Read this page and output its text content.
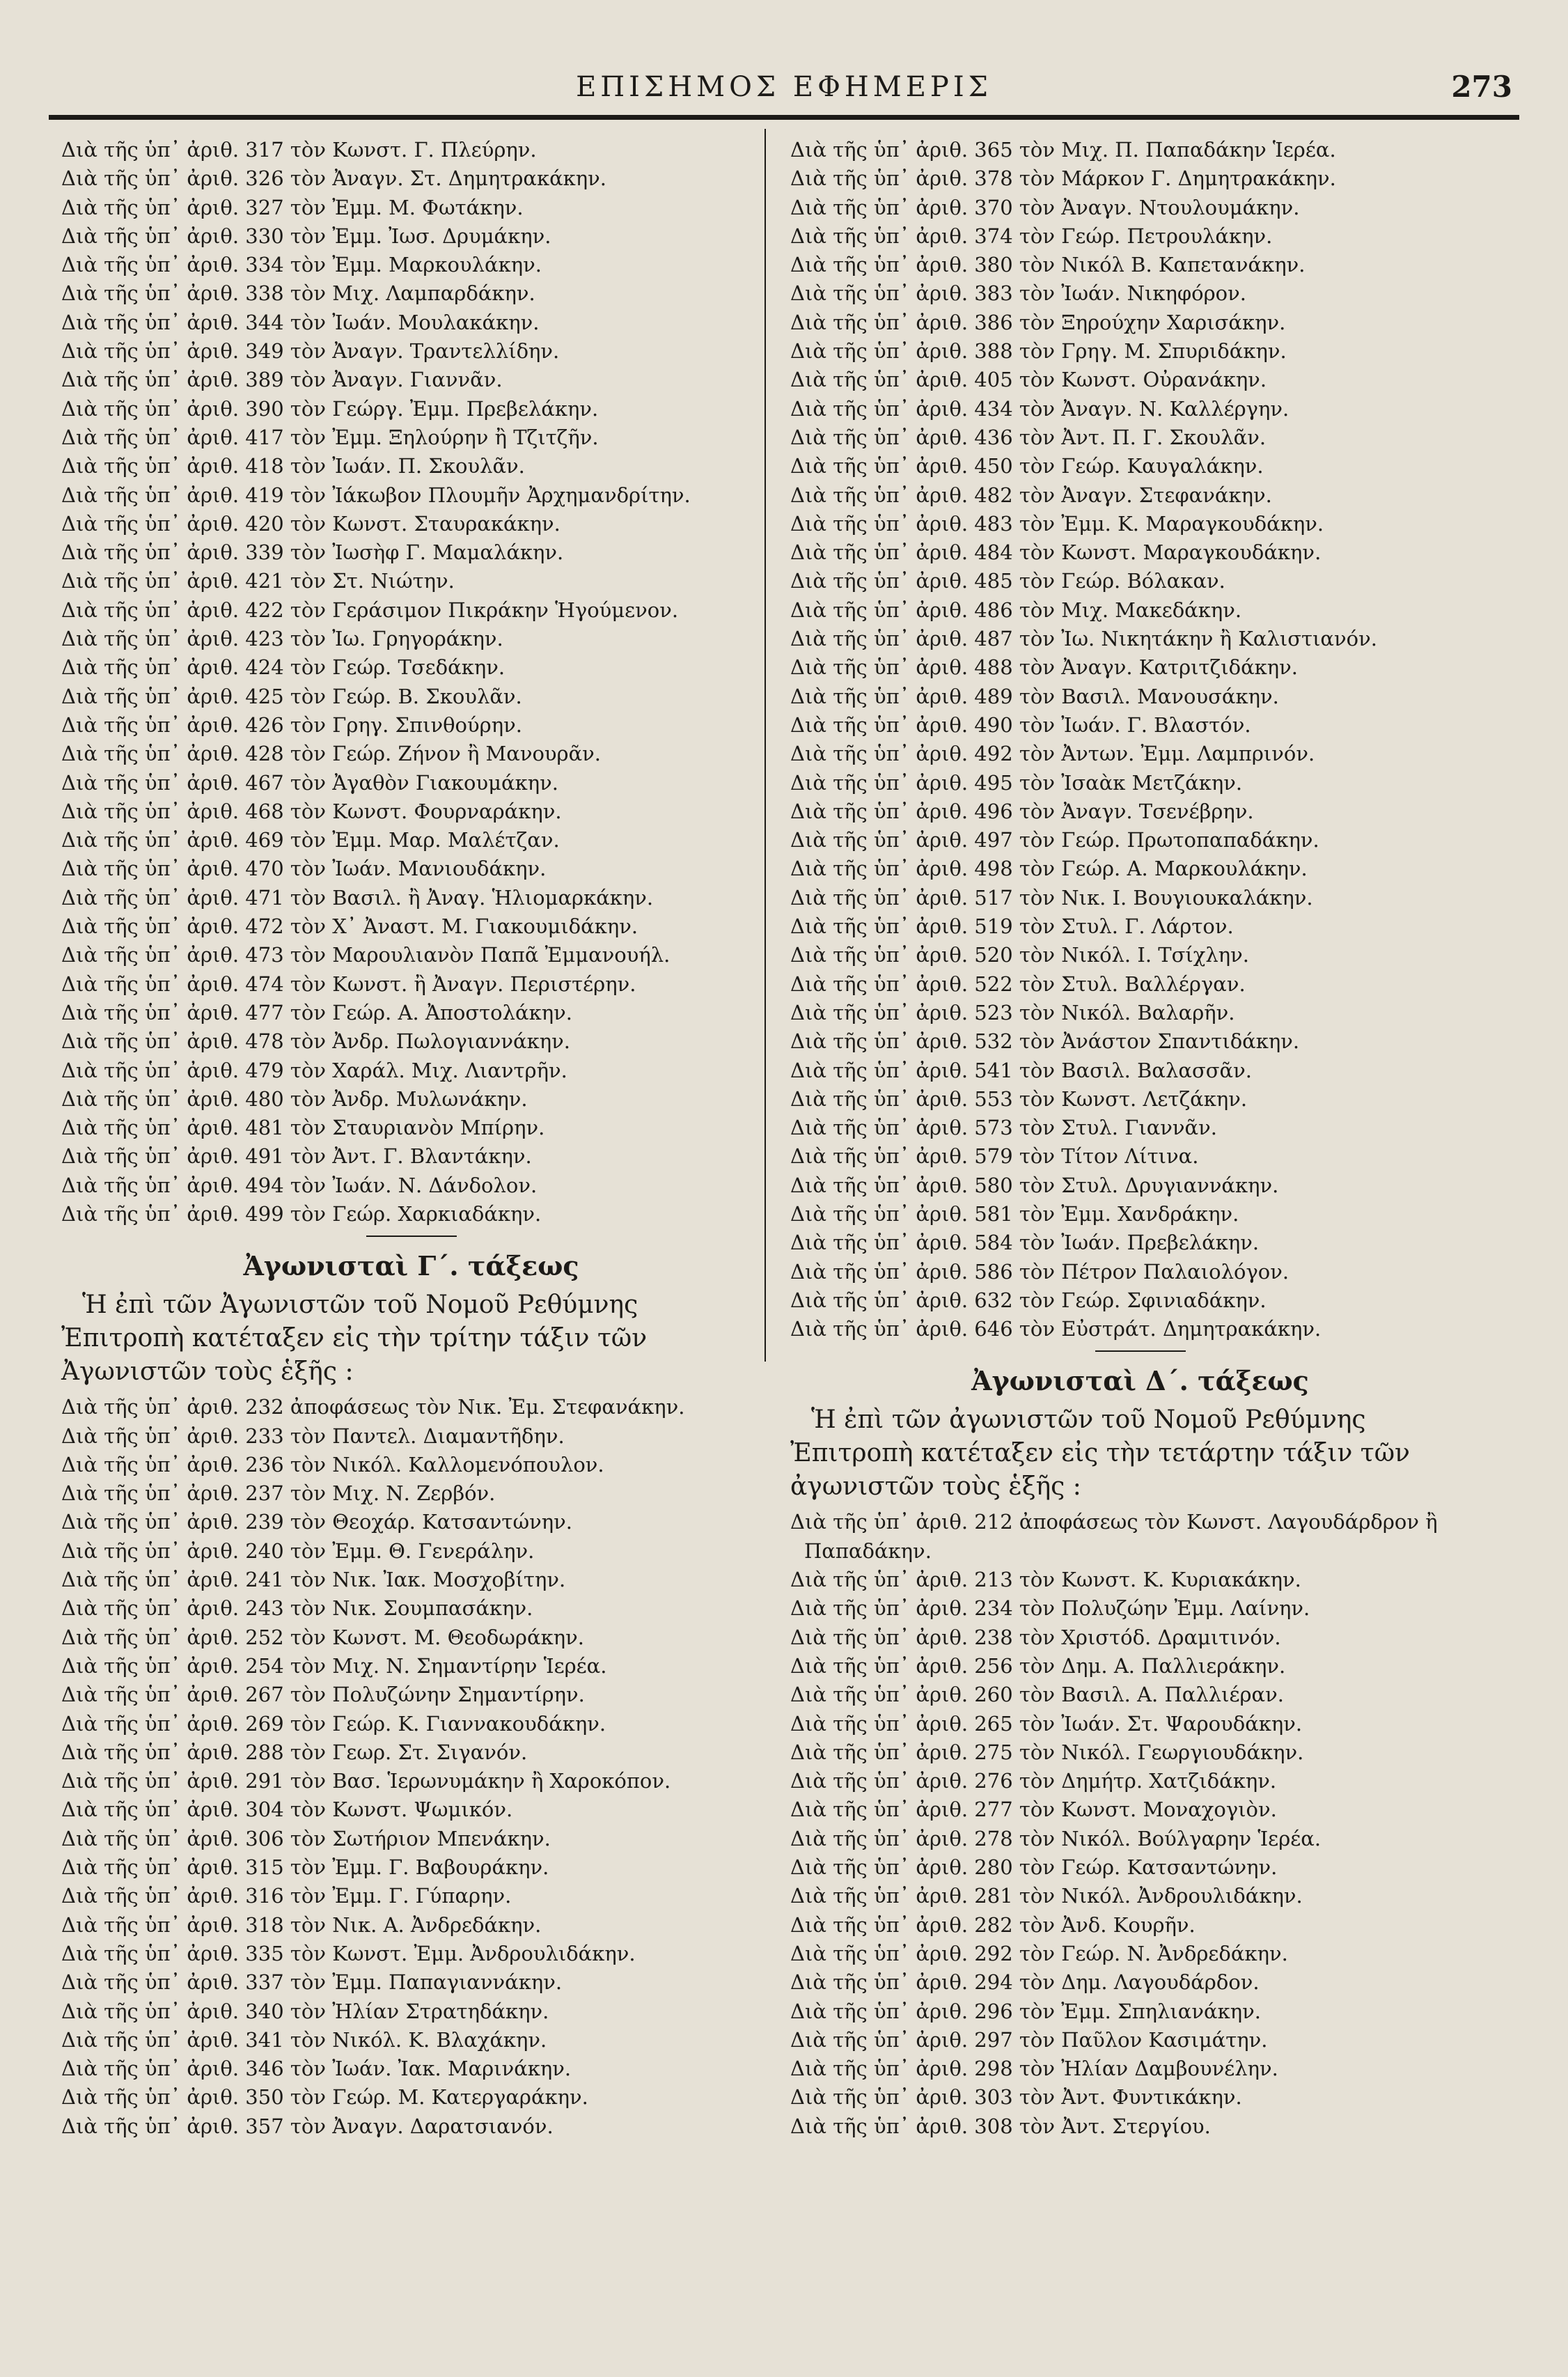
ΕΠΙΣΗΜΟΣ ΕΦΗΜΕΡΙΣ	273

Διὰ τῆς ὑπ᾽ ἀριθ. 317 τὸν Κωνστ. Γ. Πλεύρην.

Διὰ τῆς ὑπ᾽ ἀριθ. 326 τὸν Ἀναγν. Στ. Δημητρακάκην.

Διὰ τῆς ὑπ᾽ ἀριθ. 327 τὸν Ἐμμ. Μ. Φωτάκην.

Διὰ τῆς ὑπ᾽ ἀριθ. 330 τὸν Ἐμμ. Ἰωσ. Δρυμάκην.

Διὰ τῆς ὑπ᾽ ἀριθ. 334 τὸν Ἐμμ. Μαρκουλάκην.

Διὰ τῆς ὑπ᾽ ἀριθ. 338 τὸν Μιχ. Λαμπαρδάκην.

Διὰ τῆς ὑπ᾽ ἀριθ. 344 τὸν Ἰωάν. Μουλακάκην.

Διὰ τῆς ὑπ᾽ ἀριθ. 349 τὸν Ἀναγν. Τραντελλίδην.

Διὰ τῆς ὑπ᾽ ἀριθ. 389 τὸν Ἀναγν. Γιαννᾶν.

Διὰ τῆς ὑπ᾽ ἀριθ. 390 τὸν Γεώργ. Ἐμμ. Πρεβελάκην.

Διὰ τῆς ὑπ᾽ ἀριθ. 417 τὸν Ἐμμ. Ξηλούρην ἢ Τζιτζῆν.

Διὰ τῆς ὑπ᾽ ἀριθ. 418 τὸν Ἰωάν. Π. Σκουλᾶν.

Διὰ τῆς ὑπ᾽ ἀριθ. 419 τὸν Ἰάκωβον Πλουμῆν Ἀρχημανδρίτην.

Διὰ τῆς ὑπ᾽ ἀριθ. 420 τὸν Κωνστ. Σταυρακάκην.

Διὰ τῆς ὑπ᾽ ἀριθ. 339 τὸν Ἰωσὴφ Γ. Μαμαλάκην.

Διὰ τῆς ὑπ᾽ ἀριθ. 421 τὸν Στ. Νιώτην.

Διὰ τῆς ὑπ᾽ ἀριθ. 422 τὸν Γεράσιμον Πικράκην Ἡγούμενον.

Διὰ τῆς ὑπ᾽ ἀριθ. 423 τὸν Ἰω. Γρηγοράκην.

Διὰ τῆς ὑπ᾽ ἀριθ. 424 τὸν Γεώρ. Τσεδάκην.

Διὰ τῆς ὑπ᾽ ἀριθ. 425 τὸν Γεώρ. Β. Σκουλᾶν.

Διὰ τῆς ὑπ᾽ ἀριθ. 426 τὸν Γρηγ. Σπινθούρην.

Διὰ τῆς ὑπ᾽ ἀριθ. 428 τὸν Γεώρ. Ζήνον ἢ Μανουρᾶν.

Διὰ τῆς ὑπ᾽ ἀριθ. 467 τὸν Ἀγαθὸν Γιακουμάκην.

Διὰ τῆς ὑπ᾽ ἀριθ. 468 τὸν Κωνστ. Φουρναράκην.

Διὰ τῆς ὑπ᾽ ἀριθ. 469 τὸν Ἐμμ. Μαρ. Μαλέτζαν.

Διὰ τῆς ὑπ᾽ ἀριθ. 470 τὸν Ἰωάν. Μανιουδάκην.

Διὰ τῆς ὑπ᾽ ἀριθ. 471 τὸν Βασιλ. ἢ Ἀναγ. Ἡλιομαρκάκην.

Διὰ τῆς ὑπ᾽ ἀριθ. 472 τὸν Χ᾽ Ἀναστ. Μ. Γιακουμιδάκην.

Διὰ τῆς ὑπ᾽ ἀριθ. 473 τὸν Μαρουλιανὸν Παπᾶ Ἐμμανουήλ.

Διὰ τῆς ὑπ᾽ ἀριθ. 474 τὸν Κωνστ. ἢ Ἀναγν. Περιστέρην.

Διὰ τῆς ὑπ᾽ ἀριθ. 477 τὸν Γεώρ. Α. Ἀποστολάκην.

Διὰ τῆς ὑπ᾽ ἀριθ. 478 τὸν Ἀνδρ. Πωλογιαννάκην.

Διὰ τῆς ὑπ᾽ ἀριθ. 479 τὸν Χαράλ. Μιχ. Λιαντρῆν.

Διὰ τῆς ὑπ᾽ ἀριθ. 480 τὸν Ἀνδρ. Μυλωνάκην.

Διὰ τῆς ὑπ᾽ ἀριθ. 481 τὸν Σταυριανὸν Μπίρην.

Διὰ τῆς ὑπ᾽ ἀριθ. 491 τὸν Ἀντ. Γ. Βλαντάκην.

Διὰ τῆς ὑπ᾽ ἀριθ. 494 τὸν Ἰωάν. Ν. Δάνδολον.

Διὰ τῆς ὑπ᾽ ἀριθ. 499 τὸν Γεώρ. Χαρκιαδάκην.

Ἀγωνισταὶ Γ΄. τάξεως

Ἡ ἐπὶ τῶν Ἀγωνιστῶν τοῦ Νομοῦ Ρεθύμνης Ἐπιτροπὴ κατέταξεν εἰς τὴν τρίτην τάξιν τῶν Ἀγωνιστῶν τοὺς ἑξῆς :

Διὰ τῆς ὑπ᾽ ἀριθ. 232 ἀποφάσεως τὸν Νικ. Ἐμ. Στεφανάκην.

Διὰ τῆς ὑπ᾽ ἀριθ. 233 τὸν Παντελ. Διαμαντῆδην.

Διὰ τῆς ὑπ᾽ ἀριθ. 236 τὸν Νικόλ. Καλλομενόπουλον.

Διὰ τῆς ὑπ᾽ ἀριθ. 237 τὸν Μιχ. Ν. Ζερβόν.

Διὰ τῆς ὑπ᾽ ἀριθ. 239 τὸν Θεοχάρ. Κατσαντώνην.

Διὰ τῆς ὑπ᾽ ἀριθ. 240 τὸν Ἐμμ. Θ. Γενεράλην.

Διὰ τῆς ὑπ᾽ ἀριθ. 241 τὸν Νικ. Ἰακ. Μοσχοβίτην.

Διὰ τῆς ὑπ᾽ ἀριθ. 243 τὸν Νικ. Σουμπασάκην.

Διὰ τῆς ὑπ᾽ ἀριθ. 252 τὸν Κωνστ. Μ. Θεοδωράκην.

Διὰ τῆς ὑπ᾽ ἀριθ. 254 τὸν Μιχ. Ν. Σημαντίρην Ἱερέα.

Διὰ τῆς ὑπ᾽ ἀριθ. 267 τὸν Πολυζώνην Σημαντίρην.

Διὰ τῆς ὑπ᾽ ἀριθ. 269 τὸν Γεώρ. Κ. Γιαννακουδάκην.

Διὰ τῆς ὑπ᾽ ἀριθ. 288 τὸν Γεωρ. Στ. Σιγανόν.

Διὰ τῆς ὑπ᾽ ἀριθ. 291 τὸν Βασ. Ἱερωνυμάκην ἢ Χαροκόπον.

Διὰ τῆς ὑπ᾽ ἀριθ. 304 τὸν Κωνστ. Ψωμικόν.

Διὰ τῆς ὑπ᾽ ἀριθ. 306 τὸν Σωτήριον Μπενάκην.

Διὰ τῆς ὑπ᾽ ἀριθ. 315 τὸν Ἐμμ. Γ. Βαβουράκην.

Διὰ τῆς ὑπ᾽ ἀριθ. 316 τὸν Ἐμμ. Γ. Γύπαρην.

Διὰ τῆς ὑπ᾽ ἀριθ. 318 τὸν Νικ. Α. Ἀνδρεδάκην.

Διὰ τῆς ὑπ᾽ ἀριθ. 335 τὸν Κωνστ. Ἐμμ. Ἀνδρουλιδάκην.

Διὰ τῆς ὑπ᾽ ἀριθ. 337 τὸν Ἐμμ. Παπαγιαννάκην.

Διὰ τῆς ὑπ᾽ ἀριθ. 340 τὸν Ἠλίαν Στρατηδάκην.

Διὰ τῆς ὑπ᾽ ἀριθ. 341 τὸν Νικόλ. Κ. Βλαχάκην.

Διὰ τῆς ὑπ᾽ ἀριθ. 346 τὸν Ἰωάν. Ἰακ. Μαρινάκην.

Διὰ τῆς ὑπ᾽ ἀριθ. 350 τὸν Γεώρ. Μ. Κατεργαράκην.

Διὰ τῆς ὑπ᾽ ἀριθ. 357 τὸν Ἀναγν. Δαρατσιανόν.

Διὰ τῆς ὑπ᾽ ἀριθ. 365 τὸν Μιχ. Π. Παπαδάκην Ἱερέα.

Διὰ τῆς ὑπ᾽ ἀριθ. 378 τὸν Μάρκον Γ. Δημητρακάκην.

Διὰ τῆς ὑπ᾽ ἀριθ. 370 τὸν Ἀναγν. Ντουλουμάκην.

Διὰ τῆς ὑπ᾽ ἀριθ. 374 τὸν Γεώρ. Πετρουλάκην.

Διὰ τῆς ὑπ᾽ ἀριθ. 380 τὸν Νικόλ Β. Καπετανάκην.

Διὰ τῆς ὑπ᾽ ἀριθ. 383 τὸν Ἰωάν. Νικηφόρον.

Διὰ τῆς ὑπ᾽ ἀριθ. 386 τὸν Ξηρούχην Χαρισάκην.

Διὰ τῆς ὑπ᾽ ἀριθ. 388 τὸν Γρηγ. Μ. Σπυριδάκην.

Διὰ τῆς ὑπ᾽ ἀριθ. 405 τὸν Κωνστ. Οὐρανάκην.

Διὰ τῆς ὑπ᾽ ἀριθ. 434 τὸν Ἀναγν. Ν. Καλλέργην.

Διὰ τῆς ὑπ᾽ ἀριθ. 436 τὸν Ἀντ. Π. Γ. Σκουλᾶν.

Διὰ τῆς ὑπ᾽ ἀριθ. 450 τὸν Γεώρ. Καυγαλάκην.

Διὰ τῆς ὑπ᾽ ἀριθ. 482 τὸν Ἀναγν. Στεφανάκην.

Διὰ τῆς ὑπ᾽ ἀριθ. 483 τὸν Ἐμμ. Κ. Μαραγκουδάκην.

Διὰ τῆς ὑπ᾽ ἀριθ. 484 τὸν Κωνστ. Μαραγκουδάκην.

Διὰ τῆς ὑπ᾽ ἀριθ. 485 τὸν Γεώρ. Βόλακαν.

Διὰ τῆς ὑπ᾽ ἀριθ. 486 τὸν Μιχ. Μακεδάκην.

Διὰ τῆς ὑπ᾽ ἀριθ. 487 τὸν Ἰω. Νικητάκην ἢ Καλιστιανόν.

Διὰ τῆς ὑπ᾽ ἀριθ. 488 τὸν Ἀναγν. Κατριτζιδάκην.

Διὰ τῆς ὑπ᾽ ἀριθ. 489 τὸν Βασιλ. Μανουσάκην.

Διὰ τῆς ὑπ᾽ ἀριθ. 490 τὸν Ἰωάν. Γ. Βλαστόν.

Διὰ τῆς ὑπ᾽ ἀριθ. 492 τὸν Ἀντων. Ἐμμ. Λαμπρινόν.

Διὰ τῆς ὑπ᾽ ἀριθ. 495 τὸν Ἰσαὰκ Μετζάκην.

Διὰ τῆς ὑπ᾽ ἀριθ. 496 τὸν Ἀναγν. Τσενέβρην.

Διὰ τῆς ὑπ᾽ ἀριθ. 497 τὸν Γεώρ. Πρωτοπαπαδάκην.

Διὰ τῆς ὑπ᾽ ἀριθ. 498 τὸν Γεώρ. Α. Μαρκουλάκην.

Διὰ τῆς ὑπ᾽ ἀριθ. 517 τὸν Νικ. Ι. Βουγιουκαλάκην.

Διὰ τῆς ὑπ᾽ ἀριθ. 519 τὸν Στυλ. Γ. Λάρτον.

Διὰ τῆς ὑπ᾽ ἀριθ. 520 τὸν Νικόλ. Ι. Τσίχλην.

Διὰ τῆς ὑπ᾽ ἀριθ. 522 τὸν Στυλ. Βαλλέργαν.

Διὰ τῆς ὑπ᾽ ἀριθ. 523 τὸν Νικόλ. Βαλαρῆν.

Διὰ τῆς ὑπ᾽ ἀριθ. 532 τὸν Ἀνάστον Σπαντιδάκην.

Διὰ τῆς ὑπ᾽ ἀριθ. 541 τὸν Βασιλ. Βαλασσᾶν.

Διὰ τῆς ὑπ᾽ ἀριθ. 553 τὸν Κωνστ. Λετζάκην.

Διὰ τῆς ὑπ᾽ ἀριθ. 573 τὸν Στυλ. Γιαννᾶν.

Διὰ τῆς ὑπ᾽ ἀριθ. 579 τὸν Τίτον Λίτινα.

Διὰ τῆς ὑπ᾽ ἀριθ. 580 τὸν Στυλ. Δρυγιαννάκην.

Διὰ τῆς ὑπ᾽ ἀριθ. 581 τὸν Ἐμμ. Χανδράκην.

Διὰ τῆς ὑπ᾽ ἀριθ. 584 τὸν Ἰωάν. Πρεβελάκην.

Διὰ τῆς ὑπ᾽ ἀριθ. 586 τὸν Πέτρον Παλαιολόγον.

Διὰ τῆς ὑπ᾽ ἀριθ. 632 τὸν Γεώρ. Σφινιαδάκην.

Διὰ τῆς ὑπ᾽ ἀριθ. 646 τὸν Εὐστράτ. Δημητρακάκην.

Ἀγωνισταὶ Δ΄. τάξεως

Ἡ ἐπὶ τῶν ἀγωνιστῶν τοῦ Νομοῦ Ρεθύμνης Ἐπιτροπὴ κατέταξεν εἰς τὴν τετάρτην τάξιν τῶν ἀγωνιστῶν τοὺς ἑξῆς :

Διὰ τῆς ὑπ᾽ ἀριθ. 212 ἀποφάσεως τὸν Κωνστ. Λαγουδάρδρον ἢ Παπαδάκην.

Διὰ τῆς ὑπ᾽ ἀριθ. 213 τὸν Κωνστ. Κ. Κυριακάκην.

Διὰ τῆς ὑπ᾽ ἀριθ. 234 τὸν Πολυζώην Ἐμμ. Λαίνην.

Διὰ τῆς ὑπ᾽ ἀριθ. 238 τὸν Χριστόδ. Δραμιτινόν.

Διὰ τῆς ὑπ᾽ ἀριθ. 256 τὸν Δημ. Α. Παλλιεράκην.

Διὰ τῆς ὑπ᾽ ἀριθ. 260 τὸν Βασιλ. Α. Παλλιέραν.

Διὰ τῆς ὑπ᾽ ἀριθ. 265 τὸν Ἰωάν. Στ. Ψαρουδάκην.

Διὰ τῆς ὑπ᾽ ἀριθ. 275 τὸν Νικόλ. Γεωργιουδάκην.

Διὰ τῆς ὑπ᾽ ἀριθ. 276 τὸν Δημήτρ. Χατζιδάκην.

Διὰ τῆς ὑπ᾽ ἀριθ. 277 τὸν Κωνστ. Μοναχογιὸν.

Διὰ τῆς ὑπ᾽ ἀριθ. 278 τὸν Νικόλ. Βούλγαρην Ἱερέα.

Διὰ τῆς ὑπ᾽ ἀριθ. 280 τὸν Γεώρ. Κατσαντώνην.

Διὰ τῆς ὑπ᾽ ἀριθ. 281 τὸν Νικόλ. Ἀνδρουλιδάκην.

Διὰ τῆς ὑπ᾽ ἀριθ. 282 τὸν Ἀνδ. Κουρῆν.

Διὰ τῆς ὑπ᾽ ἀριθ. 292 τὸν Γεώρ. Ν. Ἀνδρεδάκην.

Διὰ τῆς ὑπ᾽ ἀριθ. 294 τὸν Δημ. Λαγουδάρδον.

Διὰ τῆς ὑπ᾽ ἀριθ. 296 τὸν Ἐμμ. Σπηλιανάκην.

Διὰ τῆς ὑπ᾽ ἀριθ. 297 τὸν Παῦλον Κασιμάτην.

Διὰ τῆς ὑπ᾽ ἀριθ. 298 τὸν Ἠλίαν Δαμβουνέλην.

Διὰ τῆς ὑπ᾽ ἀριθ. 303 τὸν Ἀντ. Φυντικάκην.

Διὰ τῆς ὑπ᾽ ἀριθ. 308 τὸν Ἀντ. Στεργίου.
